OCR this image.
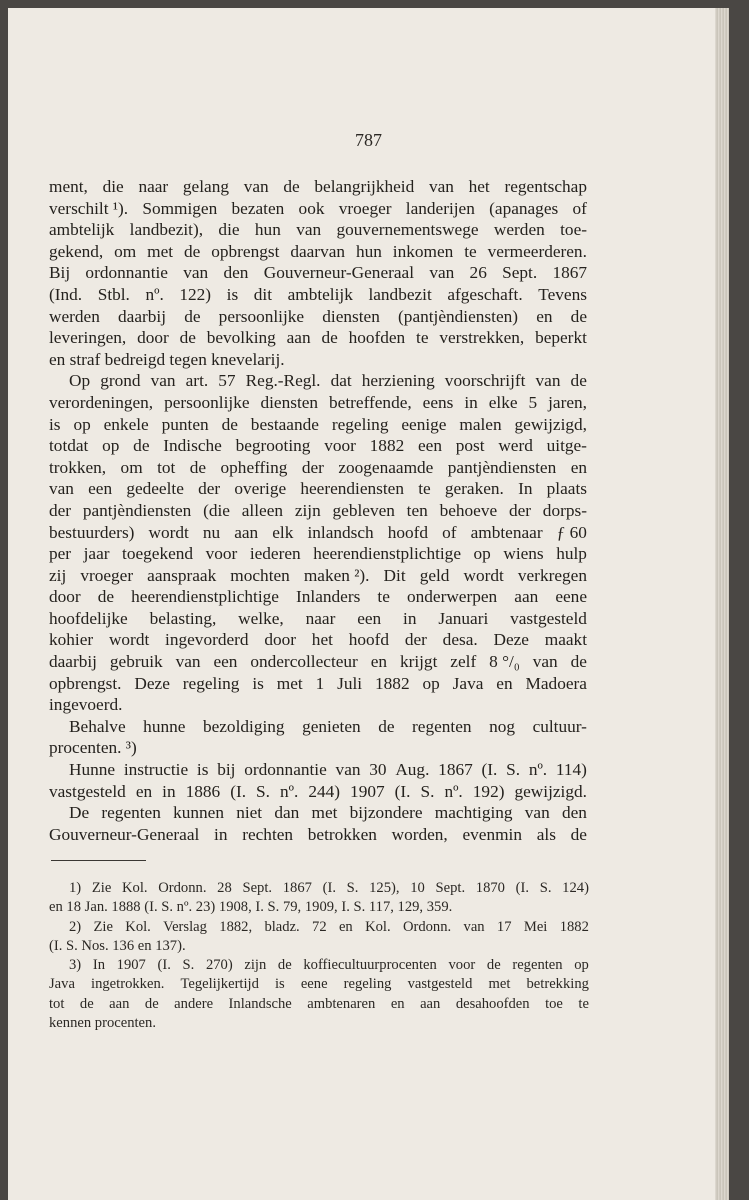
787
ment, die naar gelang van de belangrijkheid van het regentschap
verschilt ¹). Sommigen bezaten ook vroeger landerijen (apanages of
ambtelijk landbezit), die hun van gouvernementswege werden toe-
gekend, om met de opbrengst daarvan hun inkomen te vermeerderen.
Bij ordonnantie van den Gouverneur-Generaal van 26 Sept. 1867
(Ind. Stbl. nº. 122) is dit ambtelijk landbezit afgeschaft. Tevens
werden daarbij de persoonlijke diensten (pantjèndiensten) en de
leveringen, door de bevolking aan de hoofden te verstrekken, beperkt
en straf bedreigd tegen knevelarij.
Op grond van art. 57 Reg.-Regl. dat herziening voorschrijft van de
verordeningen, persoonlijke diensten betreffende, eens in elke 5 jaren,
is op enkele punten de bestaande regeling eenige malen gewijzigd,
totdat op de Indische begrooting voor 1882 een post werd uitge-
trokken, om tot de opheffing der zoogenaamde pantjèndiensten en
van een gedeelte der overige heerendiensten te geraken. In plaats
der pantjèndiensten (die alleen zijn gebleven ten behoeve der dorps-
bestuurders) wordt nu aan elk inlandsch hoofd of ambtenaar ƒ 60
per jaar toegekend voor iederen heerendienstplichtige op wiens hulp
zij vroeger aanspraak mochten maken ²). Dit geld wordt verkregen
door de heerendienstplichtige Inlanders te onderwerpen aan eene
hoofdelijke belasting, welke, naar een in Januari vastgesteld
kohier wordt ingevorderd door het hoofd der desa. Deze maakt
daarbij gebruik van een ondercollecteur en krijgt zelf 8 °/₀ van de
opbrengst. Deze regeling is met 1 Juli 1882 op Java en Madoera
ingevoerd.
Behalve hunne bezoldiging genieten de regenten nog cultuur-
procenten. ³)
Hunne instructie is bij ordonnantie van 30 Aug. 1867 (I. S. nº. 114)
vastgesteld en in 1886 (I. S. nº. 244) 1907 (I. S. nº. 192) gewijzigd.
De regenten kunnen niet dan met bijzondere machtiging van den
Gouverneur-Generaal in rechten betrokken worden, evenmin als de
1) Zie Kol. Ordonn. 28 Sept. 1867 (I. S. 125), 10 Sept. 1870 (I. S. 124)
en 18 Jan. 1888 (I. S. nº. 23) 1908, I. S. 79, 1909, I. S. 117, 129, 359.
2) Zie Kol. Verslag 1882, bladz. 72 en Kol. Ordonn. van 17 Mei 1882
(I. S. Nos. 136 en 137).
3) In 1907 (I. S. 270) zijn de koffiecultuurprocenten voor de regenten op
Java ingetrokken. Tegelijkertijd is eene regeling vastgesteld met betrekking
tot de aan de andere Inlandsche ambtenaren en aan desahoofden toe te
kennen procenten.
